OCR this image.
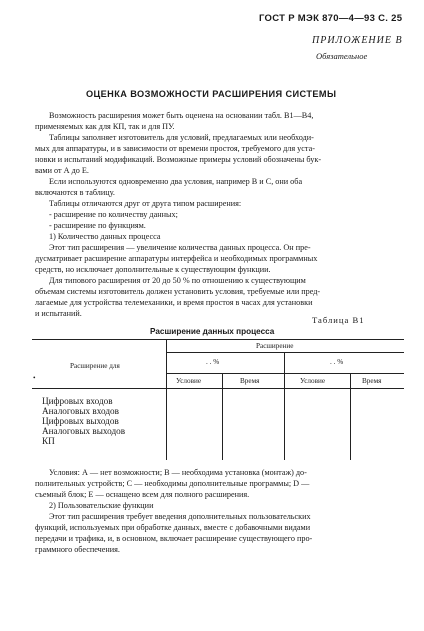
ГОСТ Р МЭК 870—4—93 С. 25
ПРИЛОЖЕНИЕ В
Обязательное
ОЦЕНКА ВОЗМОЖНОСТИ РАСШИРЕНИЯ СИСТЕМЫ
Возможность расширения может быть оценена на основании табл. В1—В4,
применяемых как для КП, так и для ПУ.
Таблицы заполняет изготовитель для условий, предлагаемых или необходи-
мых для аппаратуры, и в зависимости от времени простоя, требуемого для уста-
новки и испытаний модификаций. Возможные примеры условий обозначены бук-
вами от А до Е.
Если используются одновременно два условия, например В и С, они оба
включаются в таблицу.
Таблицы отличаются друг от друга типом расширения:
- расширение по количеству данных;
- расширение по функциям.
1) Количество данных процесса
Этот тип расширения — увеличение количества данных процесса. Он пре-
дусматривает расширение аппаратуры интерфейса и необходимых программных
средств, но исключает дополнительные к существующим функции.
Для типового расширения от 20 до 50 % по отношению к существующим
объемам системы изготовитель должен установить условия, требуемые или пред-
лагаемые для устройства телемеханики, и время простоя в часах для установки
и испытаний.
Таблица В1
Расширение данных процесса
Расширение
Расширение для
•
. . %	. . %
Условие	Время	Условие	Время
Цифровых входов
Аналоговых входов
Цифровых выходов
Аналоговых выходов
КП
Условия: А — нет возможности; В — необходима установка (монтаж) до-
полнительных устройств; С — необходимы дополнительные программы; D —
съемный блок; Е — оснащено всем для полного расширения.
2) Пользовательские функции
Этот тип расширения требует введения дополнительных пользовательских
функций, используемых при обработке данных, вместе с добавочными видами
передачи и трафика, и, в основном, включает расширение существующего про-
граммного обеспечения.
